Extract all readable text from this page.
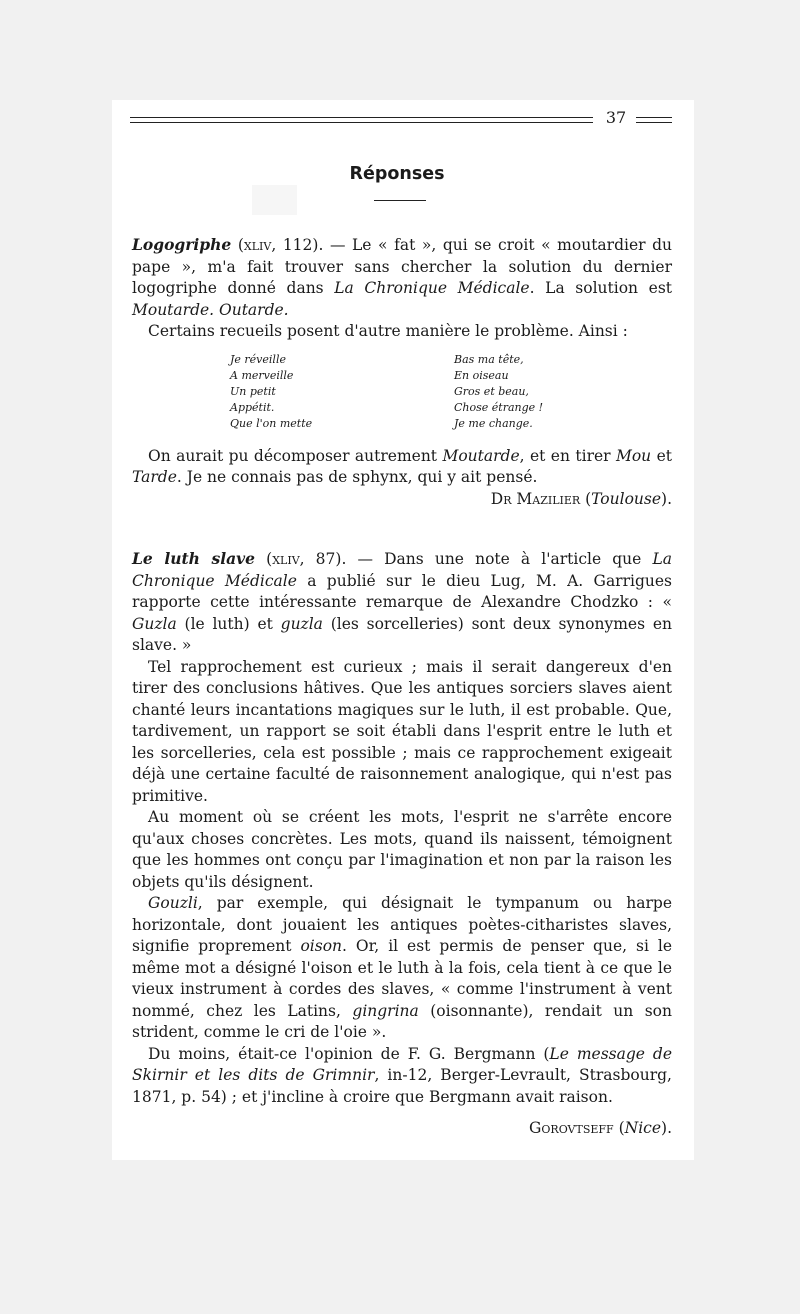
37
Réponses

Logogriphe (xliv, 112). — Le « fat », qui se croit « moutardier du pape », m'a fait trouver sans chercher la solution du dernier logogriphe donné dans La Chronique Médicale. La solution est Moutarde. Outarde.

Certains recueils posent d'autre manière le problème. Ainsi :

Je réveille
A merveille
Un petit
Appétit.
Que l'on mette
Bas ma tête,
En oiseau
Gros et beau,
Chose étrange !
Je me change.

On aurait pu décomposer autrement Moutarde, et en tirer Mou et Tarde. Je ne connais pas de sphynx, qui y ait pensé.

Dr Mazilier (Toulouse).

Le luth slave (xliv, 87). — Dans une note à l'article que La Chronique Médicale a publié sur le dieu Lug, M. A. Garrigues rapporte cette intéressante remarque de Alexandre Chodzko : « Guzla (le luth) et guzla (les sorcelleries) sont deux synonymes en slave. »

Tel rapprochement est curieux ; mais il serait dangereux d'en tirer des conclusions hâtives. Que les antiques sorciers slaves aient chanté leurs incantations magiques sur le luth, il est probable. Que, tardivement, un rapport se soit établi dans l'esprit entre le luth et les sorcelleries, cela est possible ; mais ce rapprochement exigeait déjà une certaine faculté de raisonnement analogique, qui n'est pas primitive.

Au moment où se créent les mots, l'esprit ne s'arrête encore qu'aux choses concrètes. Les mots, quand ils naissent, témoignent que les hommes ont conçu par l'imagination et non par la raison les objets qu'ils désignent.

Gouzli, par exemple, qui désignait le tympanum ou harpe horizontale, dont jouaient les antiques poètes-citharistes slaves, signifie proprement oison. Or, il est permis de penser que, si le même mot a désigné l'oison et le luth à la fois, cela tient à ce que le vieux instrument à cordes des slaves, « comme l'instrument à vent nommé, chez les Latins, gingrina (oisonnante), rendait un son strident, comme le cri de l'oie ».

Du moins, était-ce l'opinion de F. G. Bergmann (Le message de Skirnir et les dits de Grimnir, in-12, Berger-Levrault, Strasbourg, 1871, p. 54) ; et j'incline à croire que Bergmann avait raison.

Gorovtseff (Nice).
